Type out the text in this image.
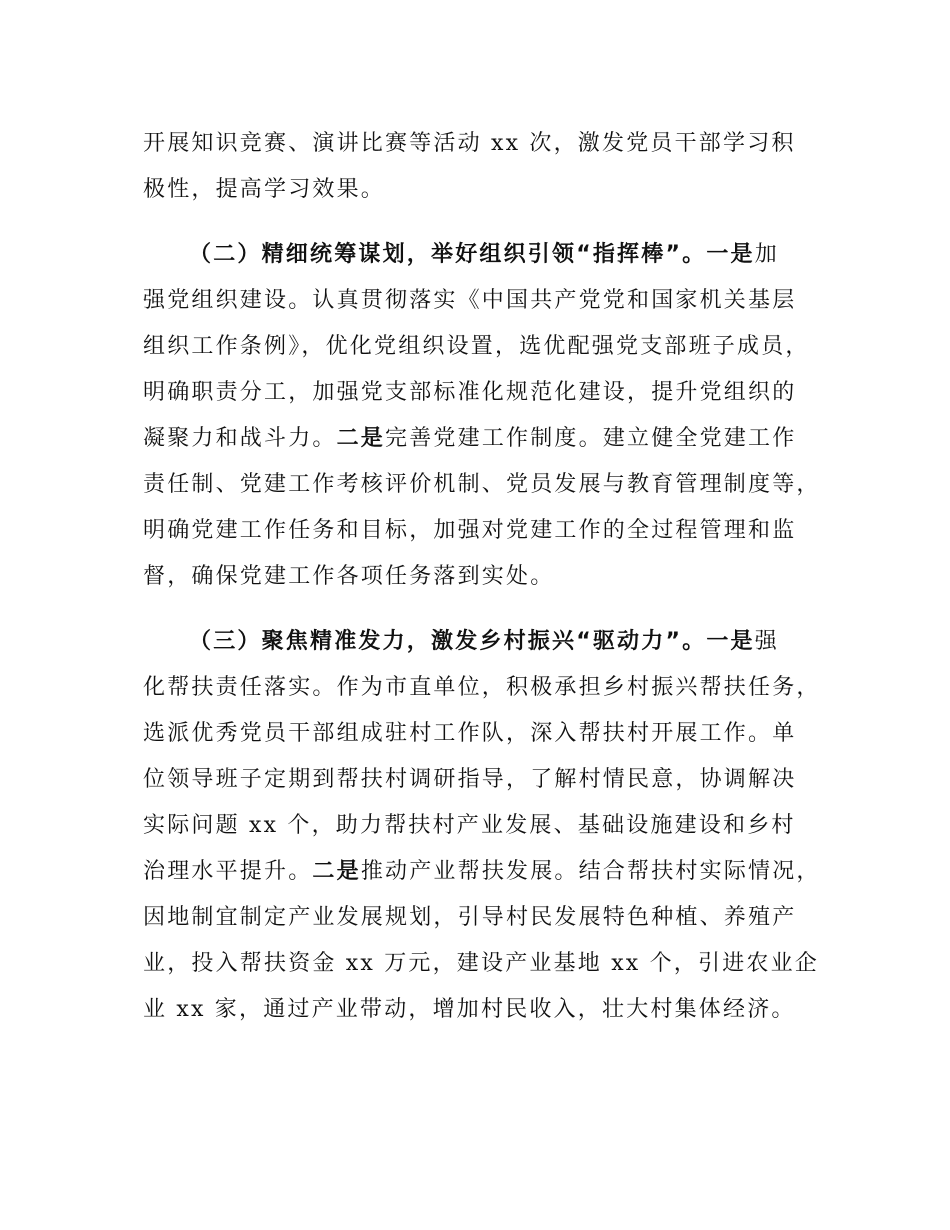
开展知识竞赛、演讲比赛等活动 xx 次，激发党员干部学习积
极性，提高学习效果。
（二）精细统筹谋划，举好组织引领“指挥棒”。一是加
强党组织建设。认真贯彻落实《中国共产党党和国家机关基层
组织工作条例》，优化党组织设置，选优配强党支部班子成员，
明确职责分工，加强党支部标准化规范化建设，提升党组织的
凝聚力和战斗力。二是完善党建工作制度。建立健全党建工作
责任制、党建工作考核评价机制、党员发展与教育管理制度等，
明确党建工作任务和目标，加强对党建工作的全过程管理和监
督，确保党建工作各项任务落到实处。
（三）聚焦精准发力，激发乡村振兴“驱动力”。一是强
化帮扶责任落实。作为市直单位，积极承担乡村振兴帮扶任务，
选派优秀党员干部组成驻村工作队，深入帮扶村开展工作。单
位领导班子定期到帮扶村调研指导，了解村情民意，协调解决
实际问题 xx 个，助力帮扶村产业发展、基础设施建设和乡村
治理水平提升。二是推动产业帮扶发展。结合帮扶村实际情况，
因地制宜制定产业发展规划，引导村民发展特色种植、养殖产
业，投入帮扶资金 xx 万元，建设产业基地 xx 个，引进农业企
业 xx 家，通过产业带动，增加村民收入，壮大村集体经济。
